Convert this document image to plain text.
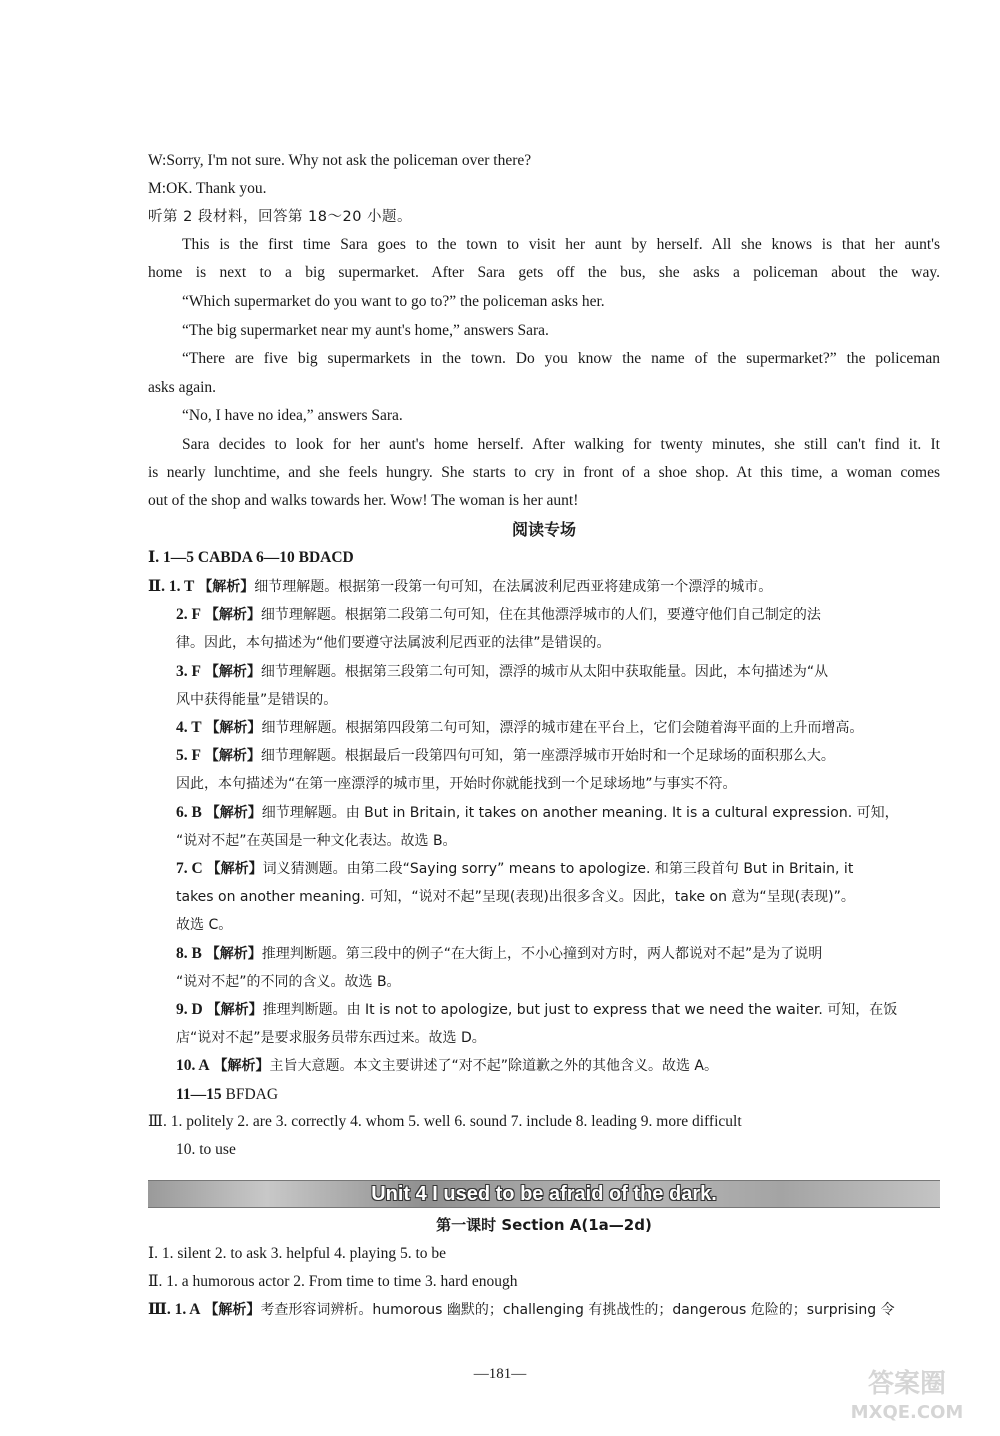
W:Sorry, I'm not sure. Why not ask the policeman over there?
M:OK. Thank you.
听第 2 段材料，回答第 18～20 小题。
This is the first time Sara goes to the town to visit her aunt by herself. All she knows is that her aunt's
home is next to a big supermarket. After Sara gets off the bus, she asks a policeman about the way.
“Which supermarket do you want to go to?” the policeman asks her.
“The big supermarket near my aunt's home,” answers Sara.
“There are five big supermarkets in the town. Do you know the name of the supermarket?” the policeman
asks again.
“No, I have no idea,” answers Sara.
Sara decides to look for her aunt's home herself. After walking for twenty minutes, she still can't find it. It
is nearly lunchtime, and she feels hungry. She starts to cry in front of a shoe shop. At this time, a woman comes
out of the shop and walks towards her. Wow! The woman is her aunt!
阅读专场
Ⅰ. 1—5 CABDA 6—10 BDACD
Ⅱ. 1. T 【解析】细节理解题。根据第一段第一句可知，在法属波利尼西亚将建成第一个漂浮的城市。
2. F 【解析】细节理解题。根据第二段第二句可知，住在其他漂浮城市的人们，要遵守他们自己制定的法
律。因此，本句描述为“他们要遵守法属波利尼西亚的法律”是错误的。
3. F 【解析】细节理解题。根据第三段第二句可知，漂浮的城市从太阳中获取能量。因此，本句描述为“从
风中获得能量”是错误的。
4. T 【解析】细节理解题。根据第四段第二句可知，漂浮的城市建在平台上，它们会随着海平面的上升而增高。
5. F 【解析】细节理解题。根据最后一段第四句可知，第一座漂浮城市开始时和一个足球场的面积那么大。
因此，本句描述为“在第一座漂浮的城市里，开始时你就能找到一个足球场地”与事实不符。
6. B 【解析】细节理解题。由 But in Britain, it takes on another meaning. It is a cultural expression. 可知，
“说对不起”在英国是一种文化表达。故选 B。
7. C 【解析】词义猜测题。由第二段“Saying sorry” means to apologize. 和第三段首句 But in Britain, it
takes on another meaning. 可知，“说对不起”呈现(表现)出很多含义。因此，take on 意为“呈现(表现)”。
故选 C。
8. B 【解析】推理判断题。第三段中的例子“在大街上，不小心撞到对方时，两人都说对不起”是为了说明
“说对不起”的不同的含义。故选 B。
9. D 【解析】推理判断题。由 It is not to apologize, but just to express that we need the waiter. 可知，在饭
店“说对不起”是要求服务员带东西过来。故选 D。
10. A 【解析】主旨大意题。本文主要讲述了“对不起”除道歉之外的其他含义。故选 A。
11—15 BFDAG
Ⅲ. 1. politely 2. are 3. correctly 4. whom 5. well 6. sound 7. include 8. leading 9. more difficult
10. to use
Unit 4 I used to be afraid of the dark.
第一课时 Section A(1a—2d)
Ⅰ. 1. silent 2. to ask 3. helpful 4. playing 5. to be
Ⅱ. 1. a humorous actor 2. From time to time 3. hard enough
Ⅲ. 1. A 【解析】考查形容词辨析。humorous 幽默的；challenging 有挑战性的；dangerous 危险的；surprising 令
—181—	答案圈
MXQE.COM
